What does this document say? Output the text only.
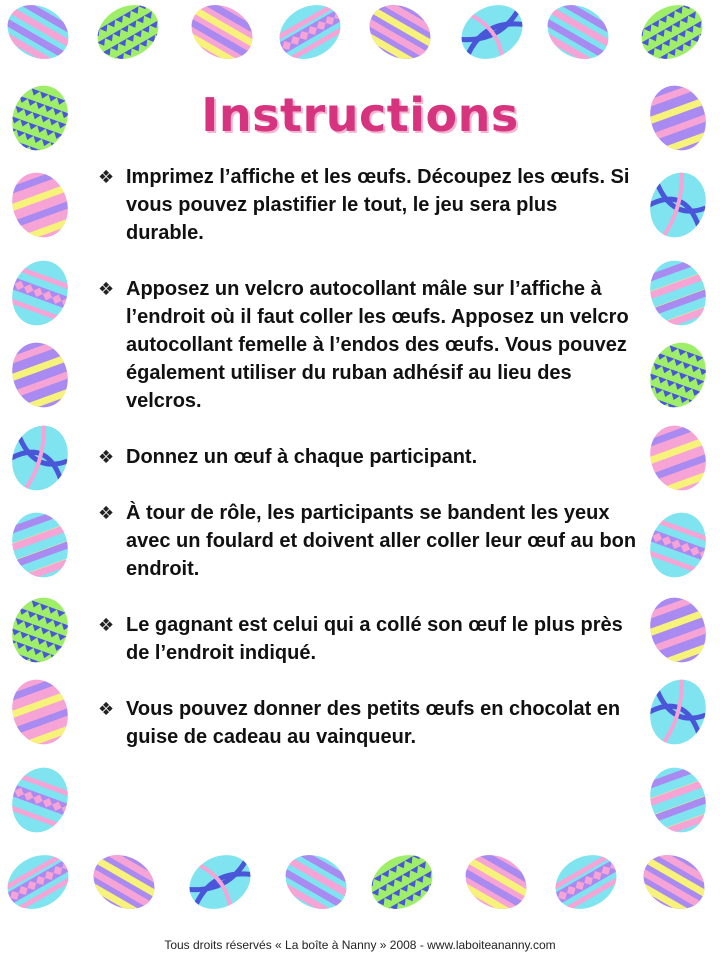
Instructions
❖ Imprimez l’affiche et les œufs. Découpez les œufs. Si vous pouvez plastifier le tout, le jeu sera plus durable.
❖ Apposez un velcro autocollant mâle sur l’affiche à l’endroit où il faut coller les œufs. Apposez un velcro autocollant femelle à l’endos des œufs. Vous pouvez également utiliser du ruban adhésif au lieu des velcros.
❖ Donnez un œuf à chaque participant.
❖ À tour de rôle, les participants se bandent les yeux avec un foulard et doivent aller coller leur œuf au bon endroit.
❖ Le gagnant est celui qui a collé son œuf le plus près de l’endroit indiqué.
❖ Vous pouvez donner des petits œufs en chocolat en guise de cadeau au vainqueur.
Tous droits réservés « La boîte à Nanny » 2008 - www.laboiteananny.com
